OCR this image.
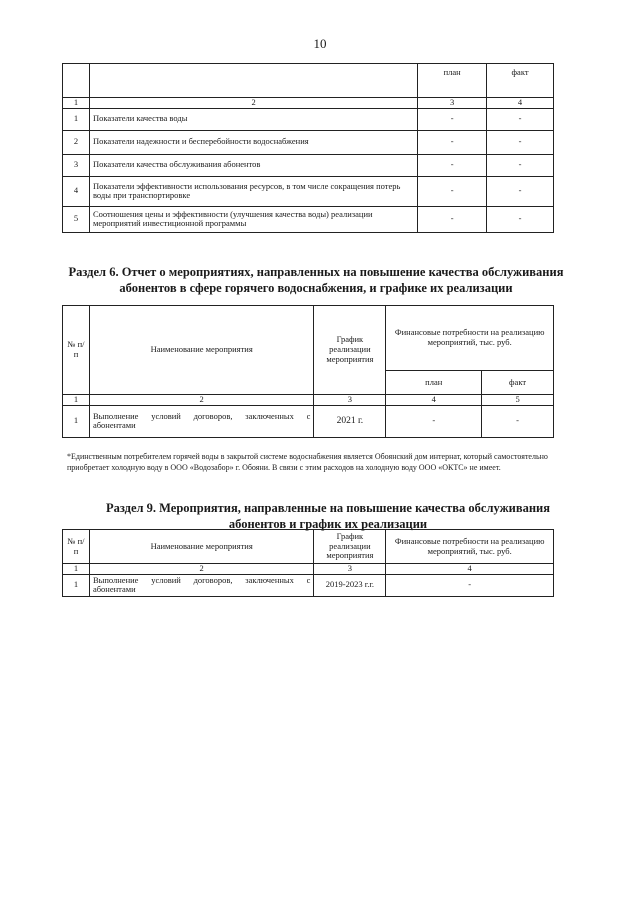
10
		план	факт
1	2	3	4
1	Показатели качества воды	-	-
2	Показатели надежности и бесперебойности водоснабжения	-	-
3	Показатели качества обслуживания абонентов	-	-
4	Показатели эффективности использования ресурсов, в том числе сокращения потерь воды при транспортировке	-	-
5	Соотношения цены и эффективности (улучшения качества воды) реализации мероприятий инвестиционной программы	-	-
Раздел 6. Отчет о мероприятиях, направленных на повышение качества обслуживания абонентов в сфере горячего водоснабжения, и графике их реализации
№ п/п	Наименование мероприятия	График реализации мероприятия	Финансовые потребности на реализацию мероприятий, тыс. руб.	
			план	факт
1	2	3	4	5
1	Выполнение условий договоров, заключенных с абонентами	2021 г.	-	-
*Единственным потребителем горячей воды в закрытой системе водоснабжения является Обоянский дом интернат, который самостоятельно приобретает холодную воду в ООО «Водозабор» г. Обояни. В связи с этим расходов на холодную воду ООО «ОКТС» не имеет.
Раздел 9. Мероприятия, направленные на повышение качества обслуживания абонентов и график их реализации
№ п/п	Наименование мероприятия	График реализации мероприятия	Финансовые потребности на реализацию мероприятий, тыс. руб.
1	2	3	4
1	Выполнение условий договоров, заключенных с абонентами	2019-2023 г.г.	-
